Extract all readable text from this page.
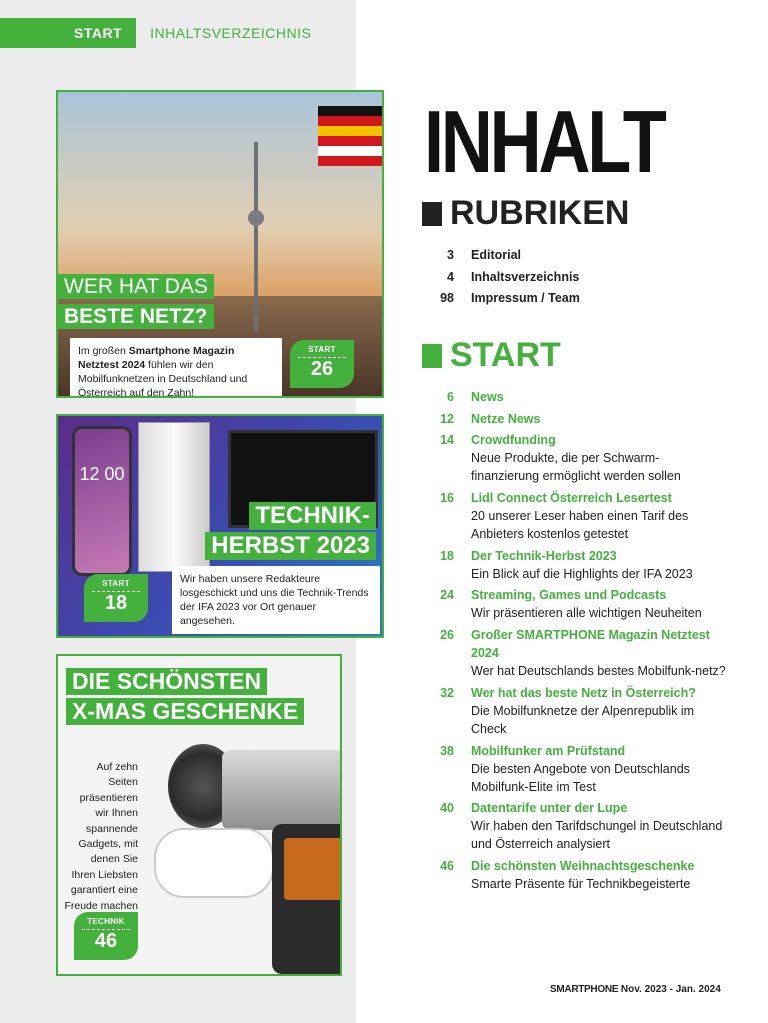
START	INHALTSVERZEICHNIS
WER HAT DAS
BESTE NETZ?
Im großen Smartphone Magazin Netztest 2024 fühlen wir den Mobilfunknetzen in Deutschland und Österreich auf den Zahn!
START
26
12 00
TECHNIK-
HERBST 2023
Wir haben unsere Redakteure losgeschickt und uns die Technik-Trends der IFA 2023 vor Ort genauer angesehen.
START
18
DIE SCHÖNSTEN
X-MAS GESCHENKE
Auf zehn Seiten präsentieren wir Ihnen spannende Gadgets, mit denen Sie Ihren Liebsten garantiert eine Freude machen
TECHNIK
46
INHALT
RUBRIKEN
3 Editorial
4 Inhaltsverzeichnis
98 Impressum / Team
START
6 News
12 Netze News
14 Crowdfunding
Neue Produkte, die per Schwarm-finanzierung ermöglicht werden sollen
16 Lidl Connect Österreich Lesertest
20 unserer Leser haben einen Tarif des Anbieters kostenlos getestet
18 Der Technik-Herbst 2023
Ein Blick auf die Highlights der IFA 2023
24 Streaming, Games und Podcasts
Wir präsentieren alle wichtigen Neuheiten
26 Großer SMARTPHONE Magazin Netztest 2024
Wer hat Deutschlands bestes Mobilfunk-netz?
32 Wer hat das beste Netz in Österreich?
Die Mobilfunknetze der Alpenrepublik im Check
38 Mobilfunker am Prüfstand
Die besten Angebote von Deutschlands Mobilfunk-Elite im Test
40 Datentarife unter der Lupe
Wir haben den Tarifdschungel in Deutschland und Österreich analysiert
46 Die schönsten Weihnachtsgeschenke
Smarte Präsente für Technikbegeisterte
SMARTPHONE Nov. 2023 - Jan. 2024
